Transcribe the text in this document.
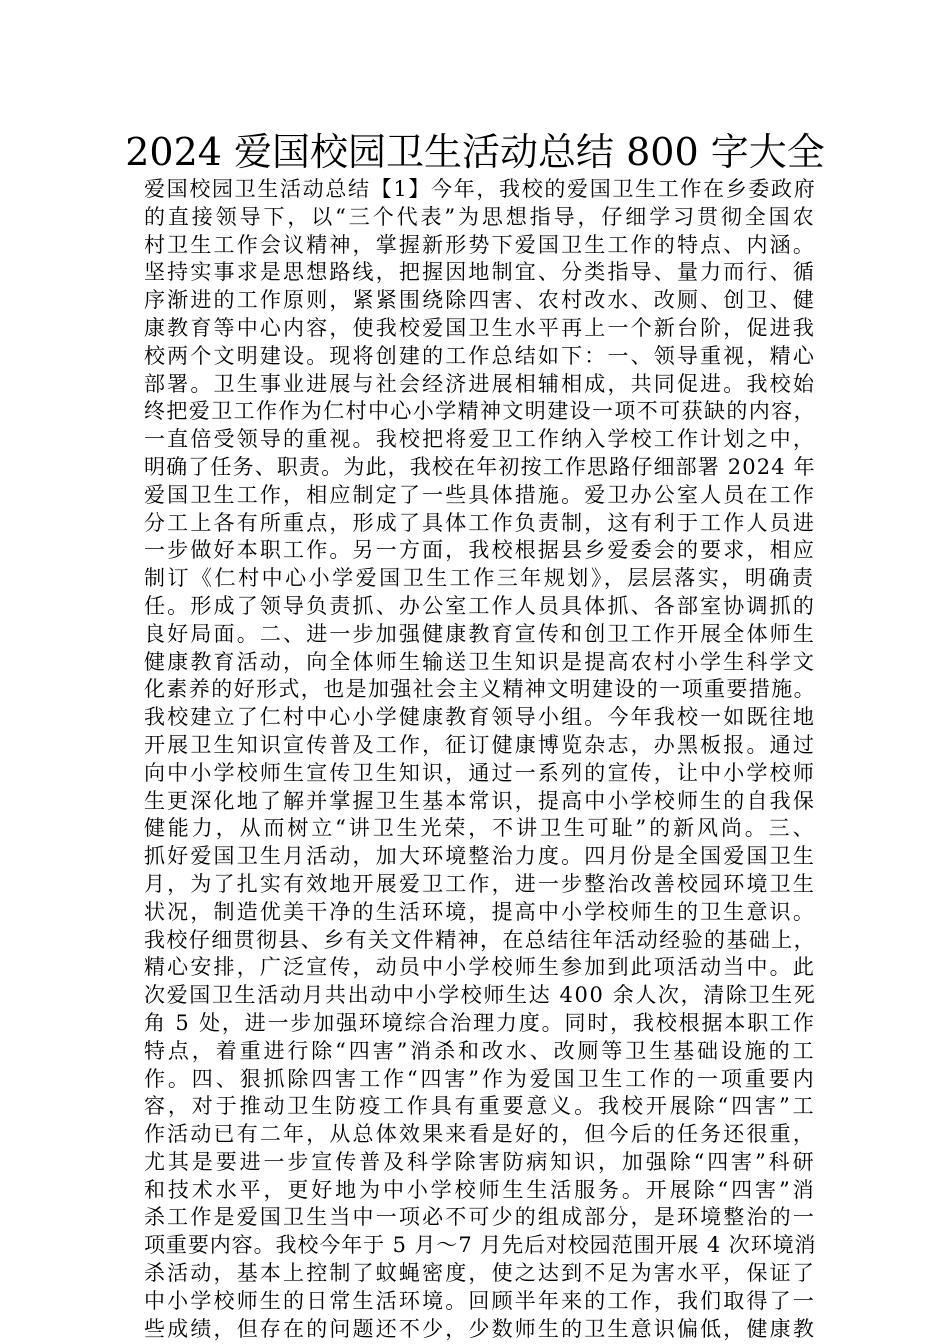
2024 爱国校园卫生活动总结 800 字大全
爱国校园卫生活动总结【1】今年，我校的爱国卫生工作在乡委政府
的直接领导下，以“三个代表”为思想指导，仔细学习贯彻全国农
村卫生工作会议精神，掌握新形势下爱国卫生工作的特点、内涵。
坚持实事求是思想路线，把握因地制宜、分类指导、量力而行、循
序渐进的工作原则，紧紧围绕除四害、农村改水、改厕、创卫、健
康教育等中心内容，使我校爱国卫生水平再上一个新台阶，促进我
校两个文明建设。现将创建的工作总结如下：一、领导重视，精心
部署。卫生事业进展与社会经济进展相辅相成，共同促进。我校始
终把爱卫工作作为仁村中心小学精神文明建设一项不可获缺的内容，
一直倍受领导的重视。我校把将爱卫工作纳入学校工作计划之中，
明确了任务、职责。为此，我校在年初按工作思路仔细部署 2024 年
爱国卫生工作，相应制定了一些具体措施。爱卫办公室人员在工作
分工上各有所重点，形成了具体工作负责制，这有利于工作人员进
一步做好本职工作。另一方面，我校根据县乡爱委会的要求，相应
制订《仁村中心小学爱国卫生工作三年规划》，层层落实，明确责
任。形成了领导负责抓、办公室工作人员具体抓、各部室协调抓的
良好局面。二、进一步加强健康教育宣传和创卫工作开展全体师生
健康教育活动，向全体师生输送卫生知识是提高农村小学生科学文
化素养的好形式，也是加强社会主义精神文明建设的一项重要措施。
我校建立了仁村中心小学健康教育领导小组。今年我校一如既往地
开展卫生知识宣传普及工作，征订健康博览杂志，办黑板报。通过
向中小学校师生宣传卫生知识，通过一系列的宣传，让中小学校师
生更深化地了解并掌握卫生基本常识，提高中小学校师生的自我保
健能力，从而树立“讲卫生光荣，不讲卫生可耻”的新风尚。三、
抓好爱国卫生月活动，加大环境整治力度。四月份是全国爱国卫生
月，为了扎实有效地开展爱卫工作，进一步整治改善校园环境卫生
状况，制造优美干净的生活环境，提高中小学校师生的卫生意识。
我校仔细贯彻县、乡有关文件精神，在总结往年活动经验的基础上，
精心安排，广泛宣传，动员中小学校师生参加到此项活动当中。此
次爱国卫生活动月共出动中小学校师生达 400 余人次，清除卫生死
角 5 处，进一步加强环境综合治理力度。同时，我校根据本职工作
特点，着重进行除“四害”消杀和改水、改厕等卫生基础设施的工
作。四、狠抓除四害工作“四害”作为爱国卫生工作的一项重要内
容，对于推动卫生防疫工作具有重要意义。我校开展除“四害”工
作活动已有二年，从总体效果来看是好的，但今后的任务还很重，
尤其是要进一步宣传普及科学除害防病知识，加强除“四害”科研
和技术水平，更好地为中小学校师生生活服务。开展除“四害”消
杀工作是爱国卫生当中一项必不可少的组成部分，是环境整治的一
项重要内容。我校今年于 5 月～7 月先后对校园范围开展 4 次环境消
杀活动，基本上控制了蚊蝇密度，使之达到不足为害水平，保证了
中小学校师生的日常生活环境。回顾半年来的工作，我们取得了一
些成绩，但存在的问题还不少，少数师生的卫生意识偏低，健康教
